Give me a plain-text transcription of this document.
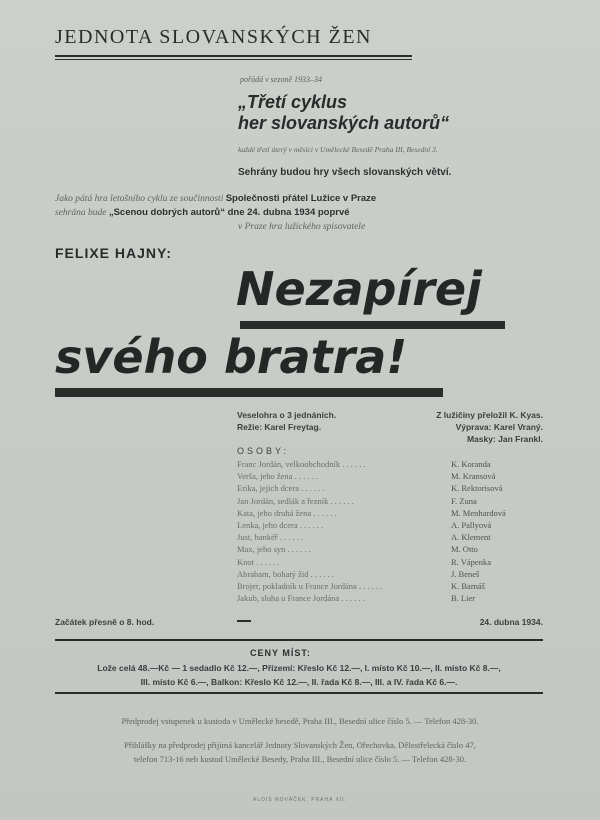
JEDNOTA SLOVANSKÝCH ŽEN
pořádá v sezoně 1933–34
„Třetí cyklus
her slovanských autorů“
každé třetí úterý v měsíci v Umělecké Besedě Praha III, Besední 3.
Sehrány budou hry všech slovanských větví.
Jako pátá hra letošního cyklu ze součinnosti Společnosti přátel Lužice v Praze
sehrána bude „Scenou dobrých autorů“ dne 24. dubna 1934 poprvé
v Praze hra lužického spisovatele
FELIXE HAJNY:
Nezapírej
svého bratra!
Veselohra o 3 jednáních.
Režie: Karel Freytag.
Z lužičiny přeložil K. Kyas.
Výprava: Karel Vraný.
Masky: Jan Frankl.
OSOBY:
Franc Jordán, velkoobchodník . . . . . .	K. Koranda
Verša, jeho žena . . . . . .	M. Kransová
Erika, jejich dcera . . . . . .	K. Rektorisová
Jan Jordán, sedlák a řezník . . . . . .	F. Zuna
Kata, jeho druhá žena . . . . . .	M. Menhardová
Lenka, jeho dcera . . . . . .	A. Pallyová
Just, bankéř . . . . . .	A. Klement
Max, jeho syn . . . . . .	M. Otto
Knot . . . . . .	R. Vápenka
Abraham, bohatý žid . . . . . .	J. Beneš
Brojer, pokladník u France Jordána . . . . . .	K. Barnáš
Jakub, sluha u France Jordána . . . . . .	B. Lier
Začátek přesně o 8. hod.	24. dubna 1934.
CENY MÍST:
Lože celá 48.—Kč — 1 sedadlo Kč 12.—, Přízemí: Křeslo Kč 12.—, I. místo Kč 10.—, II. místo Kč 8.—,
III. místo Kč 6.—, Balkon: Křeslo Kč 12.—, II. řada Kč 8.—, III. a IV. řada Kč 6.—.
Předprodej vstupenek u kustoda v Umělecké besedě, Praha III., Besední ulice číslo 5. — Telefon 428-30.
Přihlášky na předprodej přijímá kancelář Jednoty Slovanských Žen, Ořechovka, Dělostřelecká číslo 47,
telefon 713-16 neb kustod Umělecké Besedy, Praha III., Besední ulice číslo 5. — Telefon 428-30.
ALOIS NOVÁČEK, PRAHA XII.
